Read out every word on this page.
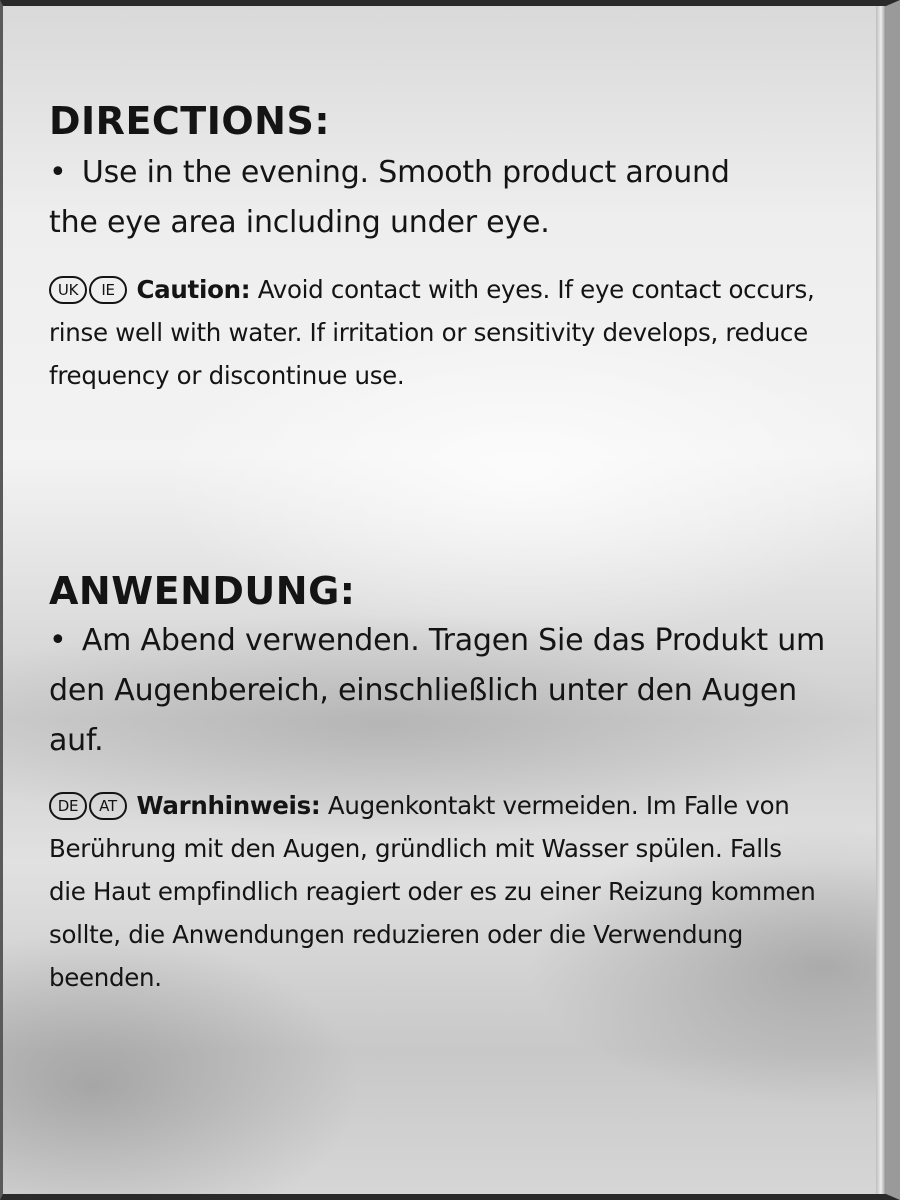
DIRECTIONS:

• Use in the evening. Smooth product around the eye area including under eye.

UK IE Caution: Avoid contact with eyes. If eye contact occurs, rinse well with water. If irritation or sensitivity develops, reduce frequency or discontinue use.

ANWENDUNG:

• Am Abend verwenden. Tragen Sie das Produkt um den Augenbereich, einschließlich unter den Augen auf.

DE AT Warnhinweis: Augenkontakt vermeiden. Im Falle von Berührung mit den Augen, gründlich mit Wasser spülen. Falls die Haut empfindlich reagiert oder es zu einer Reizung kommen sollte, die Anwendungen reduzieren oder die Verwendung beenden.
